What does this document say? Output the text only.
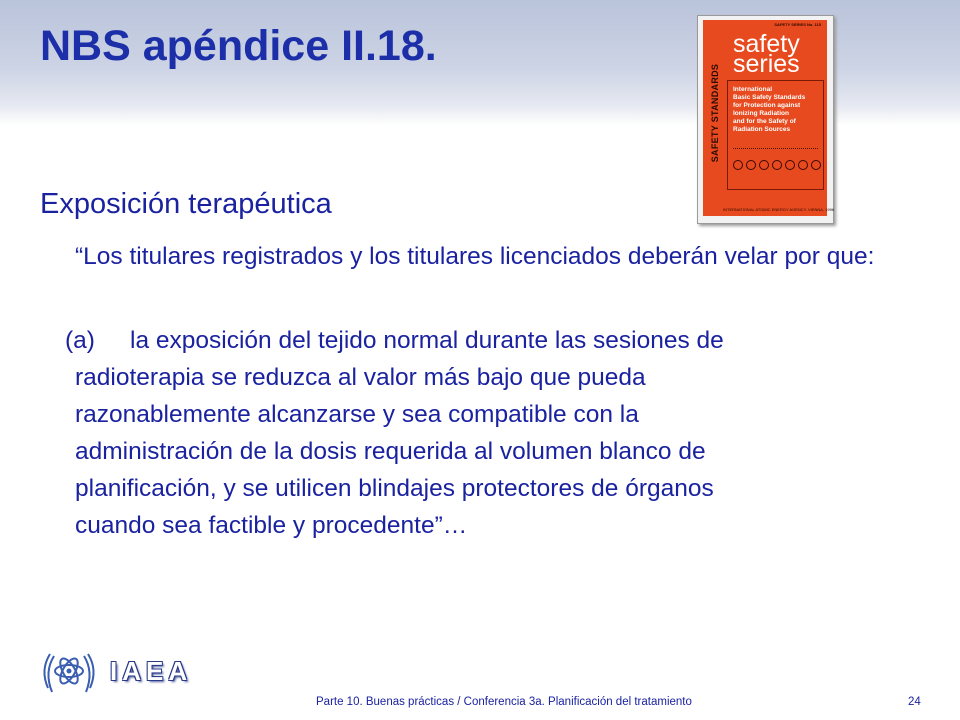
NBS apéndice II.18.	SAFETY SERIES No. 115
SAFETY STANDARDS
safety
series
International
Basic Safety Standards
for Protection against
Ionizing Radiation
and for the Safety of
Radiation Sources
INTERNATIONAL ATOMIC ENERGY AGENCY, VIENNA, 1996
Exposición terapéutica

“Los titulares registrados y los titulares licenciados deberán velar por que:

(a)	la exposición del tejido normal durante las sesiones de
radioterapia se reduzca al valor más bajo que pueda
razonablemente alcanzarse y sea compatible con la
administración de la dosis requerida al volumen blanco de
planificación, y se utilicen blindajes protectores de órganos
cuando sea factible y procedente”…
IAEA
Parte 10. Buenas prácticas / Conferencia 3a. Planificación del tratamiento	24
